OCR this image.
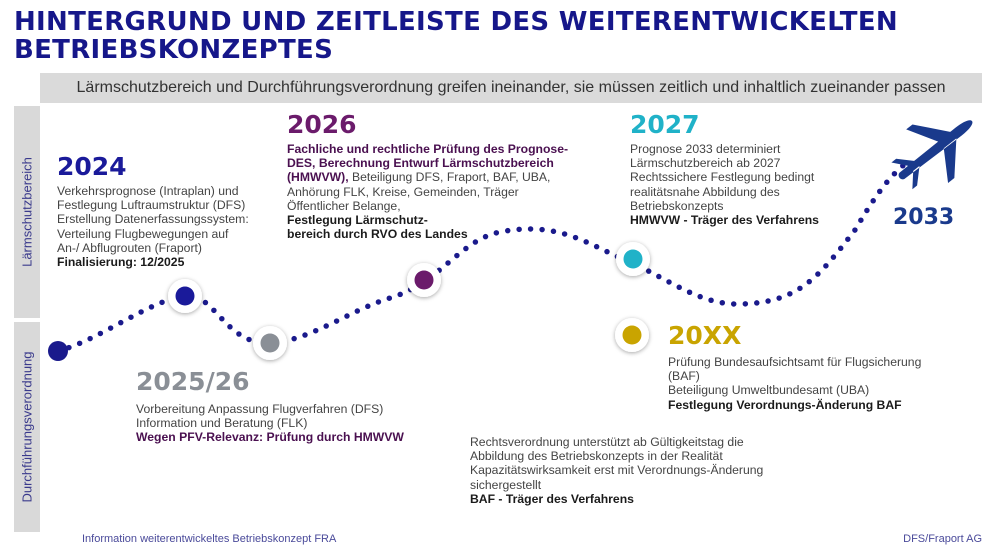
HINTERGRUND UND ZEITLEISTE DES WEITERENTWICKELTEN BETRIEBSKONZEPTES
Lärmschutzbereich und Durchführungsverordnung greifen ineinander, sie müssen zeitlich und inhaltlich zueinander passen
Lärmschutzbereich
Durchführungsverordnung
2024
Verkehrsprognose (Intraplan) und
Festlegung Luftraumstruktur (DFS)
Erstellung Datenerfassungssystem:
Verteilung Flugbewegungen auf
An-/ Abflugrouten (Fraport)
Finalisierung: 12/2025
2025/26
Vorbereitung Anpassung Flugverfahren (DFS)
Information und Beratung (FLK)
Wegen PFV-Relevanz: Prüfung durch HMWVW
2026
Fachliche und rechtliche Prüfung des Prognose-
DES, Berechnung Entwurf Lärmschutzbereich
(HMWVW), Beteiligung DFS, Fraport, BAF, UBA,
Anhörung FLK, Kreise, Gemeinden, Träger
Öffentlicher Belange,
Festlegung Lärmschutz-
bereich durch RVO des Landes
2027
Prognose 2033 determiniert
Lärmschutzbereich ab 2027
Rechtssichere Festlegung bedingt
realitätsnahe Abbildung des
Betriebskonzepts
HMWVW - Träger des Verfahrens	2033
20XX
Prüfung Bundesaufsichtsamt für Flugsicherung
(BAF)
Beteiligung Umweltbundesamt (UBA)
Festlegung Verordnungs-Änderung BAF
Rechtsverordnung unterstützt ab Gültigkeitstag die
Abbildung des Betriebskonzepts in der Realität
Kapazitätswirksamkeit erst mit Verordnungs-Änderung
sichergestellt
BAF - Träger des Verfahrens
Information weiterentwickeltes Betriebskonzept FRA	DFS/Fraport AG
